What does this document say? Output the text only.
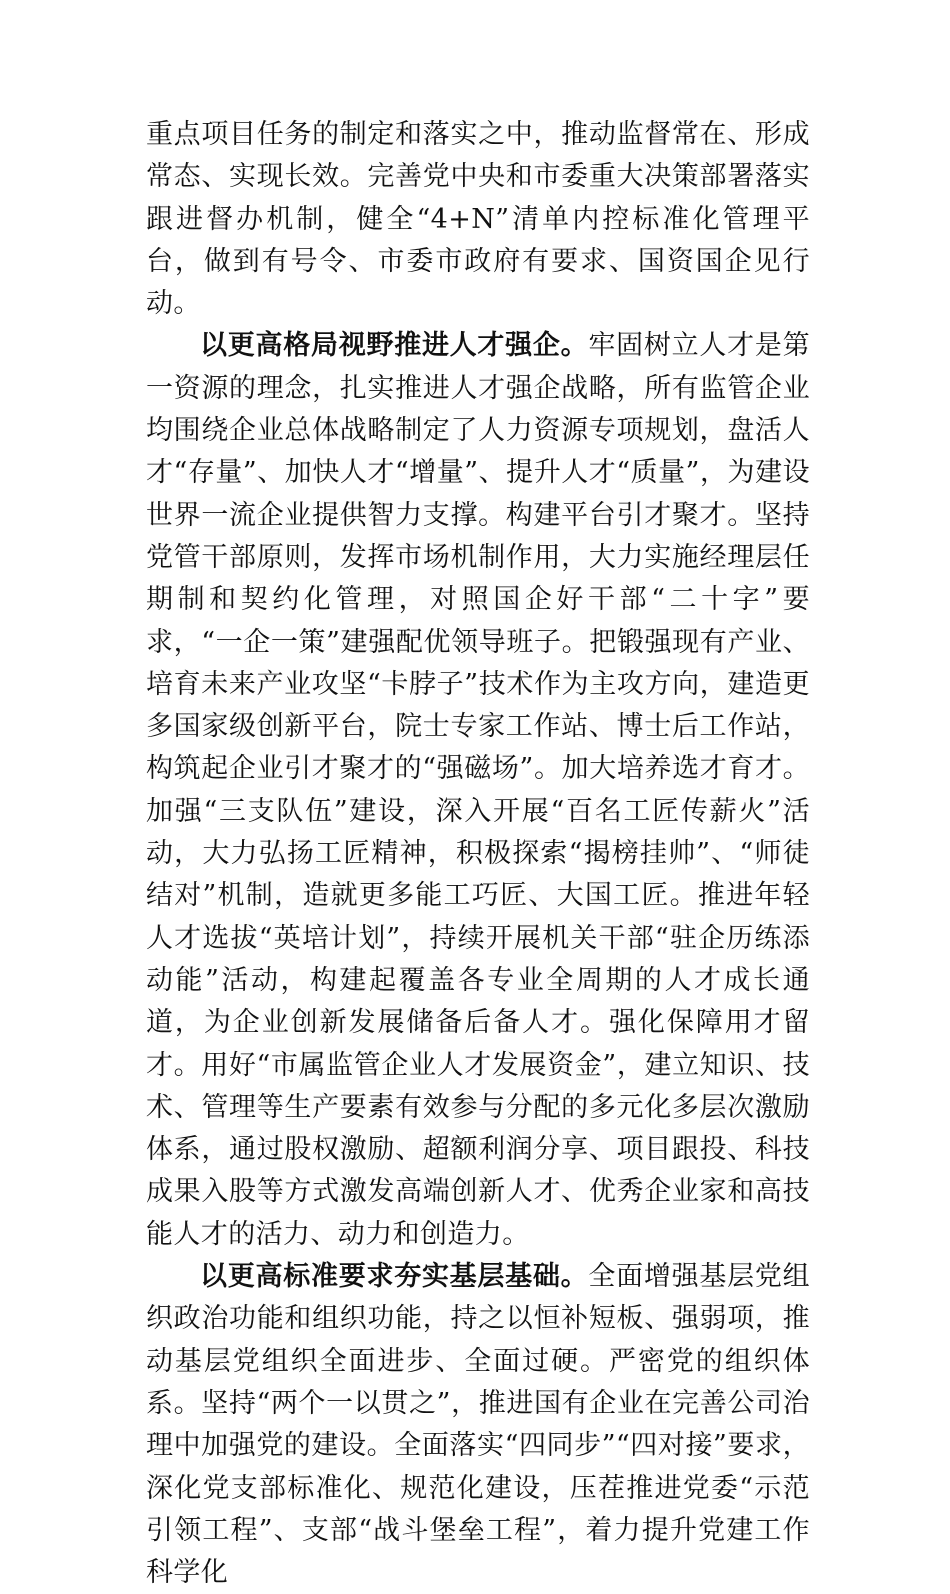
重点项目任务的制定和落实之中，推动监督常在、形成常态、实现长效。完善党中央和市委重大决策部署落实跟进督办机制，健全“4+N”清单内控标准化管理平台，做到有号令、市委市政府有要求、国资国企见行动。

以更高格局视野推进人才强企。牢固树立人才是第一资源的理念，扎实推进人才强企战略，所有监管企业均围绕企业总体战略制定了人力资源专项规划，盘活人才“存量”、加快人才“增量”、提升人才“质量”，为建设世界一流企业提供智力支撑。构建平台引才聚才。坚持党管干部原则，发挥市场机制作用，大力实施经理层任期制和契约化管理，对照国企好干部“二十字”要求，“一企一策”建强配优领导班子。把锻强现有产业、培育未来产业攻坚“卡脖子”技术作为主攻方向，建造更多国家级创新平台，院士专家工作站、博士后工作站，构筑起企业引才聚才的“强磁场”。加大培养选才育才。加强“三支队伍”建设，深入开展“百名工匠传薪火”活动，大力弘扬工匠精神，积极探索“揭榜挂帅”、“师徒结对”机制，造就更多能工巧匠、大国工匠。推进年轻人才选拔“英培计划”，持续开展机关干部“驻企历练添动能”活动，构建起覆盖各专业全周期的人才成长通道，为企业创新发展储备后备人才。强化保障用才留才。用好“市属监管企业人才发展资金”，建立知识、技术、管理等生产要素有效参与分配的多元化多层次激励体系，通过股权激励、超额利润分享、项目跟投、科技成果入股等方式激发高端创新人才、优秀企业家和高技能人才的活力、动力和创造力。

以更高标准要求夯实基层基础。全面增强基层党组织政治功能和组织功能，持之以恒补短板、强弱项，推动基层党组织全面进步、全面过硬。严密党的组织体系。坚持“两个一以贯之”，推进国有企业在完善公司治理中加强党的建设。全面落实“四同步”“四对接”要求，深化党支部标准化、规范化建设，压茬推进党委“示范引领工程”、支部“战斗堡垒工程”，着力提升党建工作科学化
